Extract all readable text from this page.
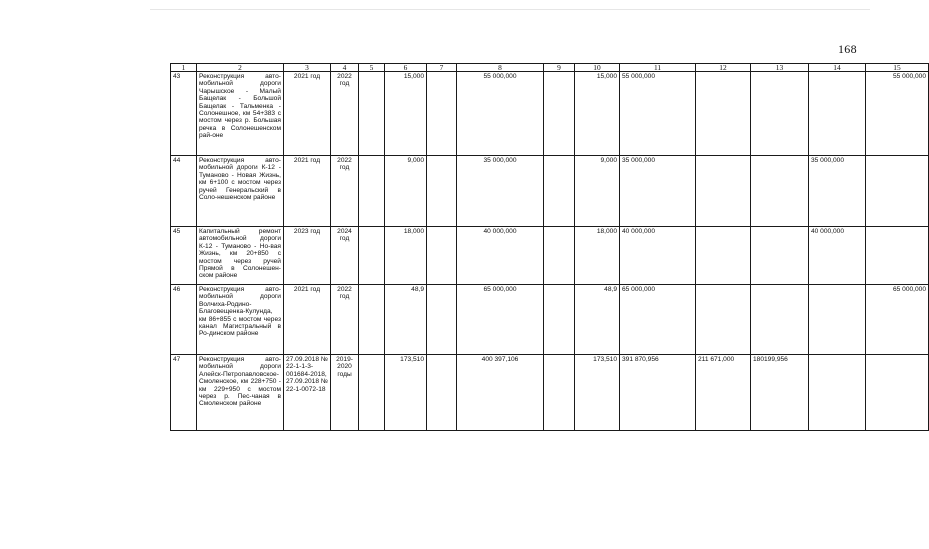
168
1	2	3	4	5	6	7	8	9	10	11	12	13	14	15
43	Реконструкция авто-мобильной дороги Чарышское - Малый Бащелак - Большой Бащелак - Тальменка - Солонешное, км 54+383 с мостом через р. Большая речка в Солонешенском рай-оне	2021 год	2022 год		15,000		55 000,000		15,000	55 000,000				55 000,000
44	Реконструкция авто-мобильной дороги К-12 - Туманово - Новая Жизнь, км 6+100 с мостом через ручей Генеральский в Соло-нешенском районе	2021 год	2022 год		9,000		35 000,000		9,000	35 000,000			35 000,000	
45	Капитальный ремонт автомобильной дороги К-12 - Туманово - Но-вая Жизнь, км 20+850 с мостом через ручей Прямой в Солонешен-ском районе	2023 год	2024 год		18,000		40 000,000		18,000	40 000,000			40 000,000	
46	Реконструкция авто-мобильной дороги Волчиха-Родино-Благовещенка-Кулунда, км 86+855 с мостом через канал Магистральный в Ро-динском районе	2021 год	2022 год		48,9		65 000,000		48,9	65 000,000				65 000,000
47	Реконструкция авто-мобильной дороги Алейск-Петропавловское-Смоленское, км 228+750 - км 229+950 с мостом через р. Пес-чаная в Смоленском районе	27.09.2018 № 22-1-1-3-001684-2018, 27.09.2018 № 22-1-0072-18	2019-2020 годы		173,510		400 397,106		173,510	391 870,956	211 671,000	180199,956		
